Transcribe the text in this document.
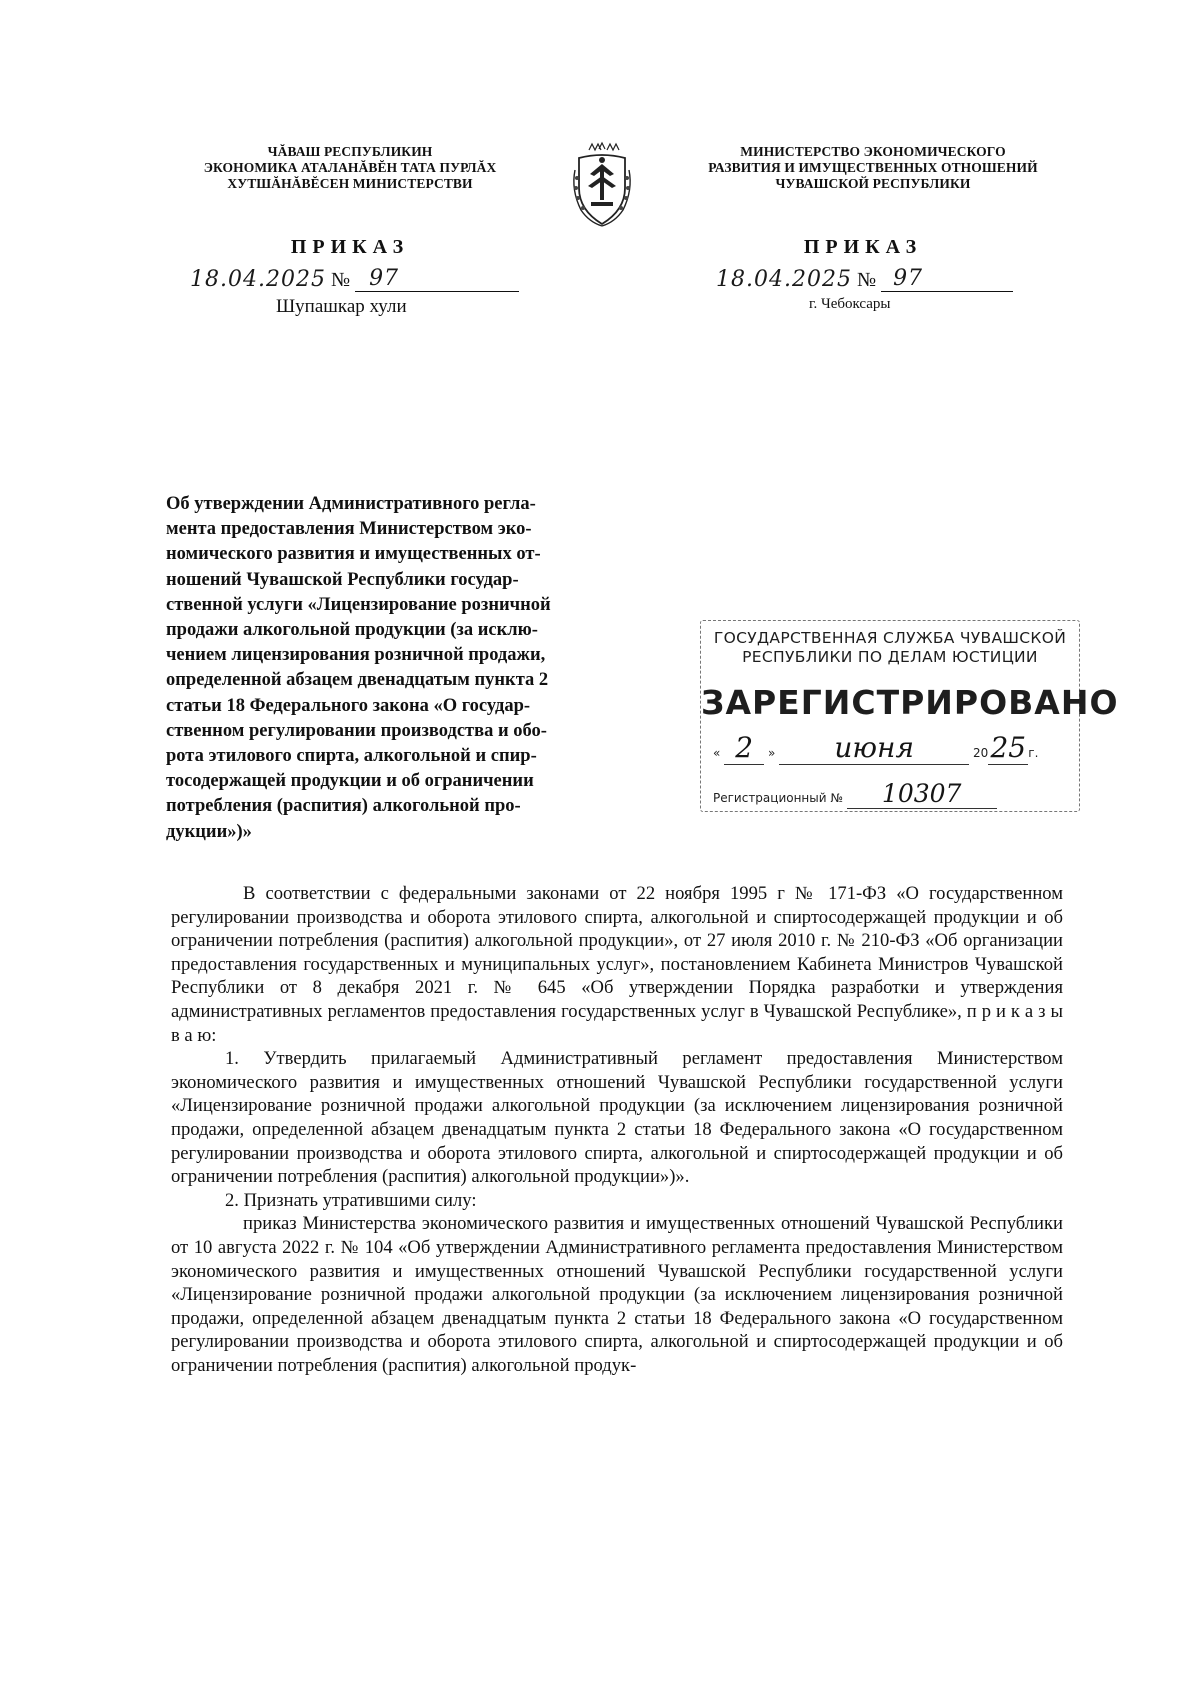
ЧĂВАШ РЕСПУБЛИКИН
ЭКОНОМИКА АТАЛАНĂВĔН ТАТА ПУРЛĂХ
ХУТШĂНĂВĔСЕН МИНИСТЕРСТВИ
МИНИСТЕРСТВО ЭКОНОМИЧЕСКОГО
РАЗВИТИЯ И ИМУЩЕСТВЕННЫХ ОТНОШЕНИЙ
ЧУВАШСКОЙ РЕСПУБЛИКИ
ПРИКАЗ	ПРИКАЗ
18.04.2025 № 97	18.04.2025 № 97
Шупашкар хули	г. Чебоксары
Об утверждении Административного регла-
мента предоставления Министерством эко-
номического развития и имущественных от-
ношений Чувашской Республики государ-
ственной услуги «Лицензирование розничной
продажи алкогольной продукции (за исклю-
чением лицензирования розничной продажи,
определенной абзацем двенадцатым пункта 2
статьи 18 Федерального закона «О государ-
ственном регулировании производства и обо-
рота этилового спирта, алкогольной и спир-
тосодержащей продукции и об ограничении
потребления (распития) алкогольной про-
дукции»)»
ГОСУДАРСТВЕННАЯ СЛУЖБА ЧУВАШСКОЙ
РЕСПУБЛИКИ ПО ДЕЛАМ ЮСТИЦИИ
ЗАРЕГИСТРИРОВАНО
« 2 » июня	2025 г.
Регистрационный № 10307

В соответствии с федеральными законами от 22 ноября 1995 г № 171-ФЗ «О государственном регулировании производства и оборота этилового спирта, алкогольной и спиртосодержащей продукции и об ограничении потребления (распития) алкогольной продукции», от 27 июля 2010 г. № 210-ФЗ «Об организации предоставления государственных и муниципальных услуг», постановлением Кабинета Министров Чувашской Республики от 8 декабря 2021 г. № 645 «Об утверждении Порядка разработки и утверждения административных регламентов предоставления государственных услуг в Чувашской Республике», п р и к а з ы в а ю:

1. Утвердить прилагаемый Административный регламент предоставления Министерством экономического развития и имущественных отношений Чувашской Республики государственной услуги «Лицензирование розничной продажи алкогольной продукции (за исключением лицензирования розничной продажи, определенной абзацем двенадцатым пункта 2 статьи 18 Федерального закона «О государственном регулировании производства и оборота этилового спирта, алкогольной и спиртосодержащей продукции и об ограничении потребления (распития) алкогольной продукции»)».

2. Признать утратившими силу:

приказ Министерства экономического развития и имущественных отношений Чувашской Республики от 10 августа 2022 г. № 104 «Об утверждении Административного регламента предоставления Министерством экономического развития и имущественных отношений Чувашской Республики государственной услуги «Лицензирование розничной продажи алкогольной продукции (за исключением лицензирования розничной продажи, определенной абзацем двенадцатым пункта 2 статьи 18 Федерального закона «О государственном регулировании производства и оборота этилового спирта, алкогольной и спиртосодержащей продукции и об ограничении потребления (распития) алкогольной продук-
